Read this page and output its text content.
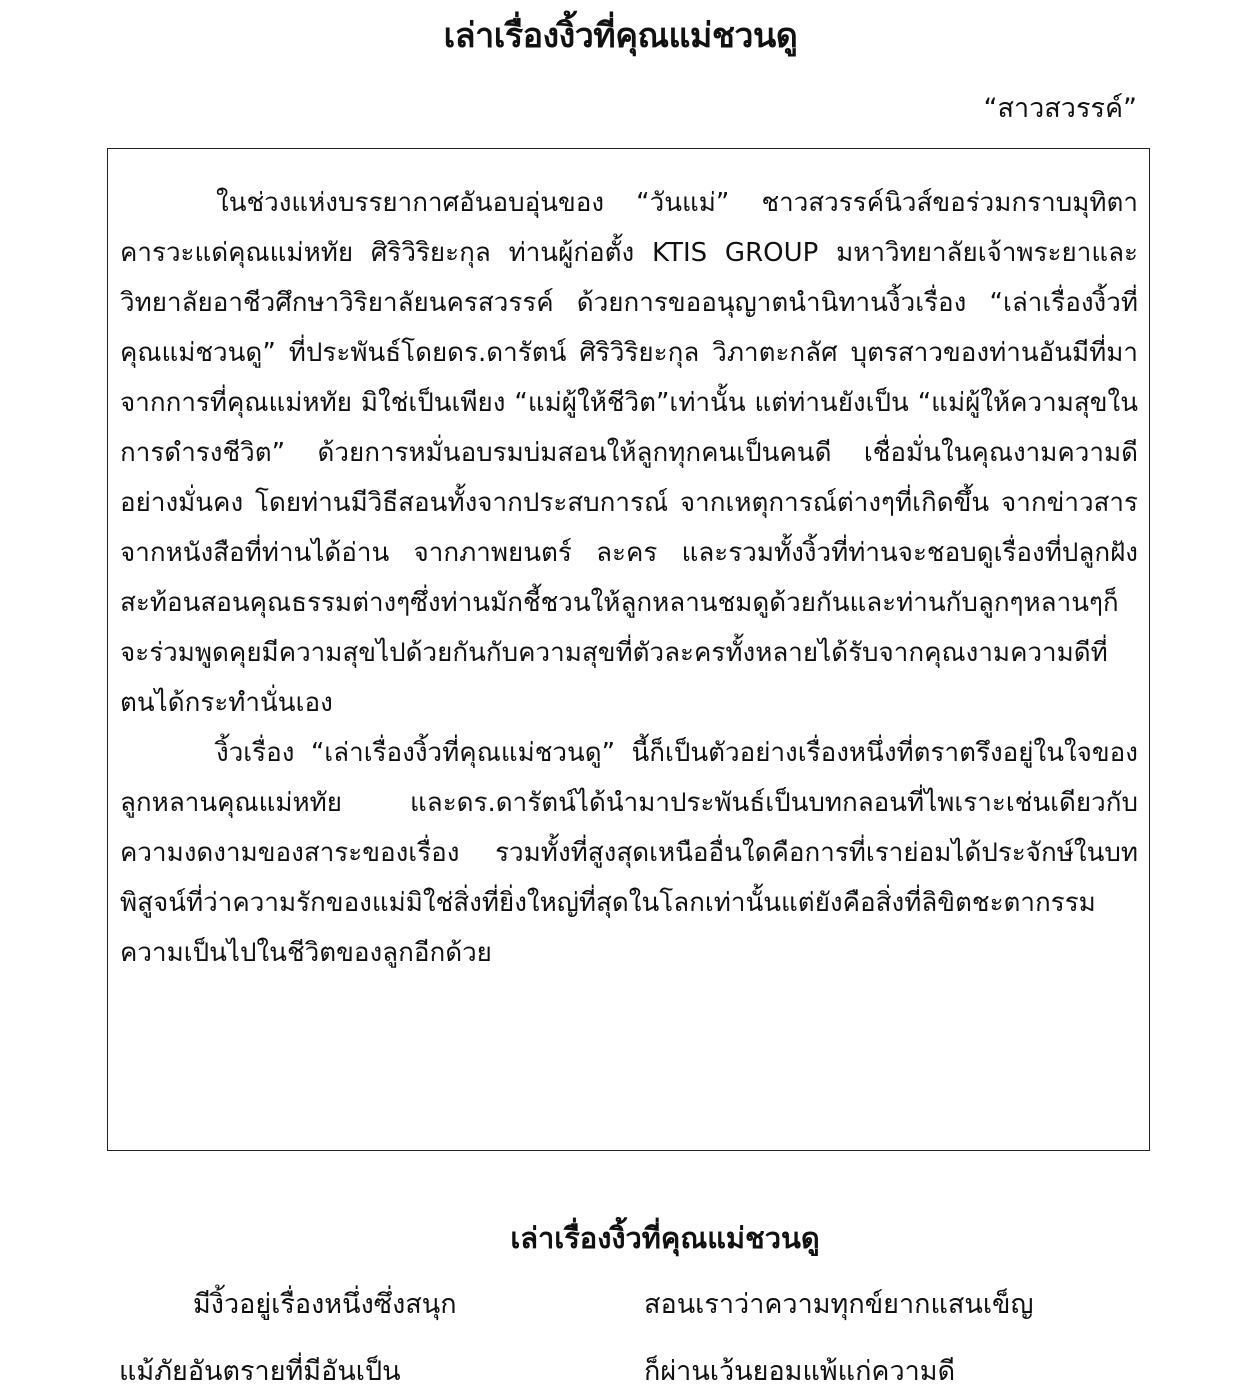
เล่าเรื่องงิ้วที่คุณแม่ชวนดู
“สาวสวรรค์”

ในช่วงแห่งบรรยากาศอันอบอุ่นของ “วันแม่” ชาวสวรรค์นิวส์ขอร่วมกราบมุทิตาคารวะแด่คุณแม่หทัย ศิริวิริยะกุล ท่านผู้ก่อตั้ง KTIS GROUP มหาวิทยาลัยเจ้าพระยาและวิทยาลัยอาชีวศึกษาวิริยาลัยนครสวรรค์ ด้วยการขออนุญาตนำนิทานงิ้วเรื่อง “เล่าเรื่องงิ้วที่คุณแม่ชวนดู” ที่ประพันธ์โดยดร.ดารัตน์ ศิริวิริยะกุล วิภาตะกลัศ บุตรสาวของท่านอันมีที่มาจากการที่คุณแม่หทัย มิใช่เป็นเพียง “แม่ผู้ให้ชีวิต”เท่านั้น แต่ท่านยังเป็น “แม่ผู้ให้ความสุขในการดำรงชีวิต” ด้วยการหมั่นอบรมบ่มสอนให้ลูกทุกคนเป็นคนดี เชื่อมั่นในคุณงามความดีอย่างมั่นคง โดยท่านมีวิธีสอนทั้งจากประสบการณ์ จากเหตุการณ์ต่างๆที่เกิดขึ้น จากข่าวสาร จากหนังสือที่ท่านได้อ่าน จากภาพยนตร์ ละคร และรวมทั้งงิ้วที่ท่านจะชอบดูเรื่องที่ปลูกฝังสะท้อนสอนคุณธรรมต่างๆซึ่งท่านมักชี้ชวนให้ลูกหลานชมดูด้วยกันและท่านกับลูกๆหลานๆก็จะร่วมพูดคุยมีความสุขไปด้วยกันกับความสุขที่ตัวละครทั้งหลายได้รับจากคุณงามความดีที่ตนได้กระทำนั่นเอง

งิ้วเรื่อง “เล่าเรื่องงิ้วที่คุณแม่ชวนดู” นี้ก็เป็นตัวอย่างเรื่องหนึ่งที่ตราตรึงอยู่ในใจของลูกหลานคุณแม่หทัย และดร.ดารัตน์ได้นำมาประพันธ์เป็นบทกลอนที่ไพเราะเช่นเดียวกับความงดงามของสาระของเรื่อง รวมทั้งที่สูงสุดเหนืออื่นใดคือการที่เราย่อมได้ประจักษ์ในบทพิสูจน์ที่ว่าความรักของแม่มิใช่สิ่งที่ยิ่งใหญ่ที่สุดในโลกเท่านั้นแต่ยังคือสิ่งที่ลิขิตชะตากรรมความเป็นไปในชีวิตของลูกอีกด้วย

เล่าเรื่องงิ้วที่คุณแม่ชวนดู
มีงิ้วอยู่เรื่องหนึ่งซึ่งสนุก	สอนเราว่าความทุกข์ยากแสนเข็ญ
แม้ภัยอันตรายที่มีอันเป็น	ก็ผ่านเว้นยอมแพ้แก่ความดี
